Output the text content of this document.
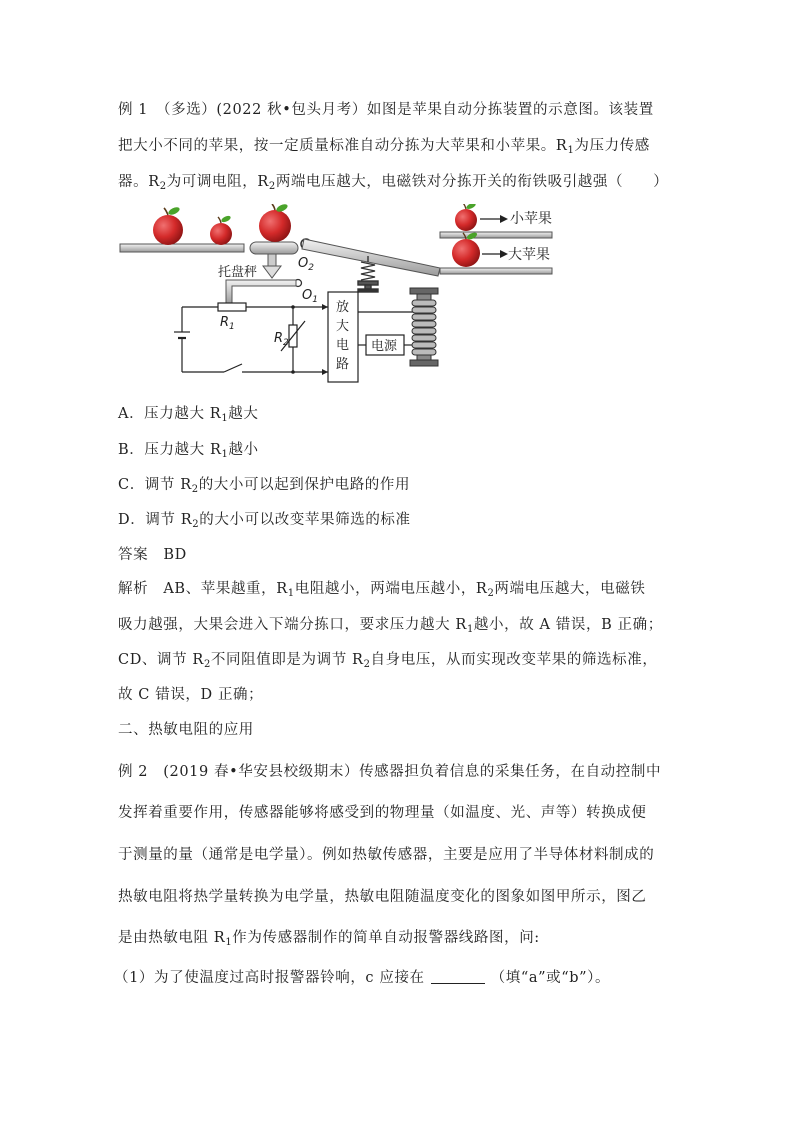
例 1　 （多选）(2022 秋•包头月考）如图是苹果自动分拣装置的示意图。该装置
把大小不同的苹果，按一定质量标准自动分拣为大苹果和小苹果。$R_1$为压力传感
器。$R_2$为可调电阻，$R_2$两端电压越大，电磁铁对分拣开关的衔铁吸引越强（　　）
小苹果
大苹果
托盘秤
$O_2$
$O_1$
$R_1$
$R_2$
放
大
电
路
电源
A．压力越大 $R_1$越大
B．压力越大 $R_1$越小
C．调节 $R_2$的大小可以起到保护电路的作用
D．调节 $R_2$的大小可以改变苹果筛选的标准
答案　 BD
解析　 AB、苹果越重，$R_1$电阻越小，两端电压越小，$R_2$两端电压越大，电磁铁
吸力越强，大果会进入下端分拣口，要求压力越大 $R_1$越小，故 A 错误，B 正确；
CD、调节 $R_2$不同阻值即是为调节 $R_2$自身电压，从而实现改变苹果的筛选标准，
故 C 错误，D 正确；
二、热敏电阻的应用
例 2　 (2019 春•华安县校级期末）传感器担负着信息的采集任务，在自动控制中
发挥着重要作用，传感器能够将感受到的物理量（如温度、光、声等）转换成便
于测量的量（通常是电学量）。例如热敏传感器，主要是应用了半导体材料制成的
热敏电阻将热学量转换为电学量，热敏电阻随温度变化的图象如图甲所示，图乙
是由热敏电阻 $R_1$作为传感器制作的简单自动报警器线路图，问:
（1）为了使温度过高时报警器铃响，c 应接在	（填“a”或“b”）。
